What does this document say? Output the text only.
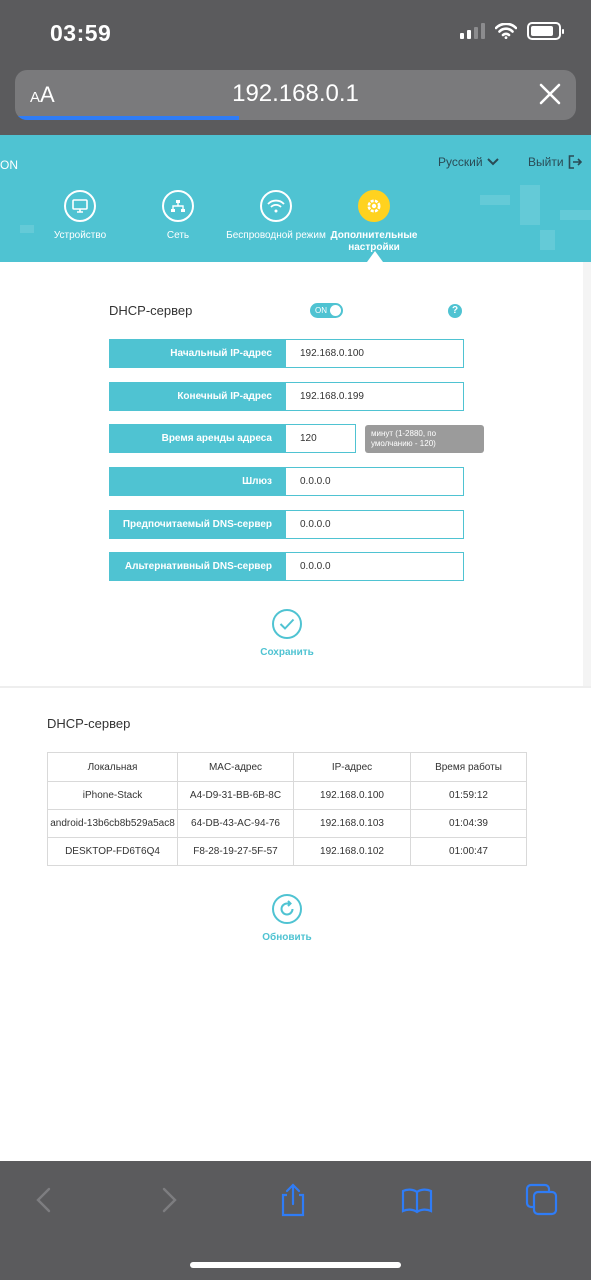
03:59
AA	192.168.0.1
ON	Русский	Выйти
Устройство	Сеть	Беспроводной режим Дополнительные настройки
DHCP-сервер	ON	?
Начальный IP-адрес	192.168.0.100
Конечный IP-адрес	192.168.0.199
Время аренды адреса	120	минут (1-2880, по умолчанию - 120)
Шлюз	0.0.0.0
Предпочитаемый DNS-сервер	0.0.0.0
Альтернативный DNS-сервер	0.0.0.0
Сохранить
DHCP-сервер
Локальная	MAC-адрес	IP-адрес	Время работы
iPhone-Stack	A4-D9-31-BB-6B-8C	192.168.0.100	01:59:12
android-13b6cb8b529a5ac8	64-DB-43-AC-94-76	192.168.0.103	01:04:39
DESKTOP-FD6T6Q4	F8-28-19-27-5F-57	192.168.0.102	01:00:47
Обновить
